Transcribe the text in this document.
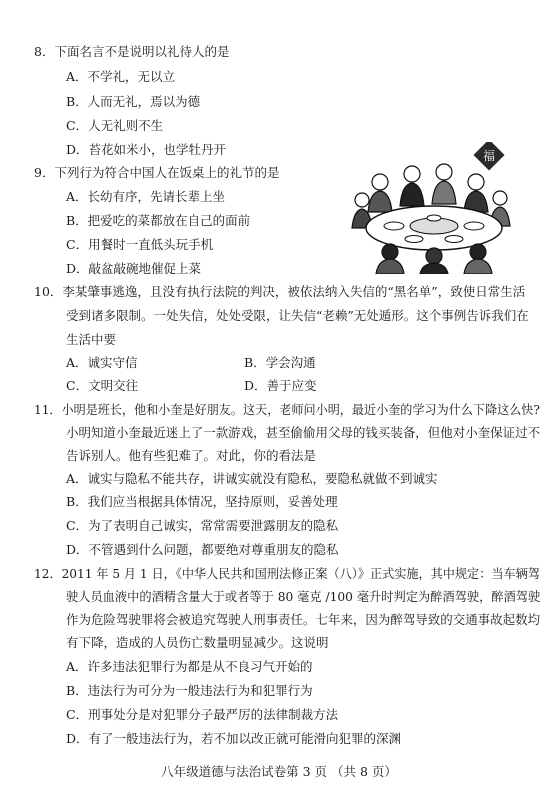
8．下面名言不是说明以礼待人的是
A．不学礼，无以立
B．人而无礼，焉以为德
C．人无礼则不生
D．苔花如米小，也学牡丹开
9．下列行为符合中国人在饭桌上的礼节的是
A．长幼有序，先请长辈上坐
B．把爱吃的菜都放在自己的面前
C．用餐时一直低头玩手机
D．敲盆敲碗地催促上菜
福
10．李某肇事逃逸，且没有执行法院的判决，被依法纳入失信的“黑名单”，致使日常生活
受到诸多限制。一处失信，处处受限，让失信“老赖”无处遁形。这个事例告诉我们在
生活中要
A．诚实守信	B．学会沟通
C．文明交往	D．善于应变
11．小明是班长，他和小奎是好朋友。这天，老师问小明，最近小奎的学习为什么下降这么快?
小明知道小奎最近迷上了一款游戏，甚至偷偷用父母的钱买装备，但他对小奎保证过不
告诉别人。他有些犯难了。对此，你的看法是
A．诚实与隐私不能共存，讲诚实就没有隐私，要隐私就做不到诚实
B．我们应当根据具体情况，坚持原则，妥善处理
C．为了表明自己诚实，常常需要泄露朋友的隐私
D．不管遇到什么问题，都要绝对尊重朋友的隐私
12．2011 年 5 月 1 日，《中华人民共和国刑法修正案（八）》正式实施，其中规定：当车辆驾
驶人员血液中的酒精含量大于或者等于 80 毫克 /100 毫升时判定为醉酒驾驶，醉酒驾驶
作为危险驾驶罪将会被追究驾驶人刑事责任。七年来，因为醉驾导致的交通事故起数均
有下降，造成的人员伤亡数量明显减少。这说明
A．许多违法犯罪行为都是从不良习气开始的
B．违法行为可分为一般违法行为和犯罪行为
C．刑事处分是对犯罪分子最严厉的法律制裁方法
D．有了一般违法行为，若不加以改正就可能滑向犯罪的深渊
八年级道德与法治试卷第 3 页 （共 8 页）
